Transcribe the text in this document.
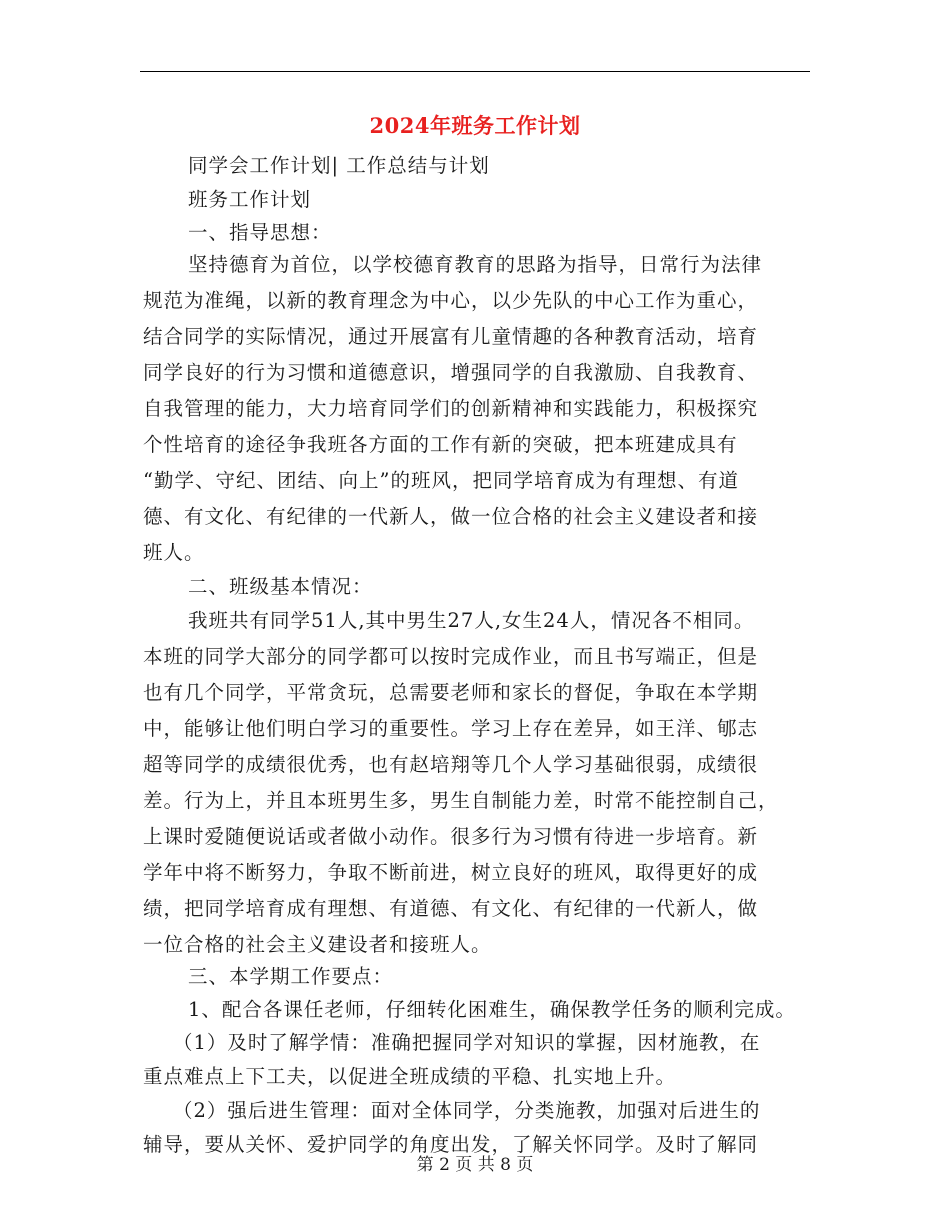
2024年班务工作计划
同学会工作计划| 工作总结与计划
班务工作计划
一、指导思想：
坚持德育为首位，以学校德育教育的思路为指导，日常行为法律
规范为准绳，以新的教育理念为中心，以少先队的中心工作为重心，
结合同学的实际情况，通过开展富有儿童情趣的各种教育活动，培育
同学良好的行为习惯和道德意识，增强同学的自我激励、自我教育、
自我管理的能力，大力培育同学们的创新精神和实践能力，积极探究
个性培育的途径争我班各方面的工作有新的突破，把本班建成具有
“勤学、守纪、团结、向上”的班风，把同学培育成为有理想、有道
德、有文化、有纪律的一代新人，做一位合格的社会主义建设者和接
班人。
二、班级基本情况：
我班共有同学51人,其中男生27人,女生24人，情况各不相同。
本班的同学大部分的同学都可以按时完成作业，而且书写端正，但是
也有几个同学，平常贪玩，总需要老师和家长的督促，争取在本学期
中，能够让他们明白学习的重要性。学习上存在差异，如王洋、郇志
超等同学的成绩很优秀，也有赵培翔等几个人学习基础很弱，成绩很
差。行为上，并且本班男生多，男生自制能力差，时常不能控制自己，
上课时爱随便说话或者做小动作。很多行为习惯有待进一步培育。新
学年中将不断努力，争取不断前进，树立良好的班风，取得更好的成
绩，把同学培育成有理想、有道德、有文化、有纪律的一代新人，做
一位合格的社会主义建设者和接班人。
三、本学期工作要点：
1、配合各课任老师，仔细转化困难生，确保教学任务的顺利完成。
（1）及时了解学情：准确把握同学对知识的掌握，因材施教，在
重点难点上下工夫，以促进全班成绩的平稳、扎实地上升。
（2）强后进生管理：面对全体同学，分类施教，加强对后进生的
辅导，要从关怀、爱护同学的角度出发，了解关怀同学。及时了解同
第 2 页 共 8 页
